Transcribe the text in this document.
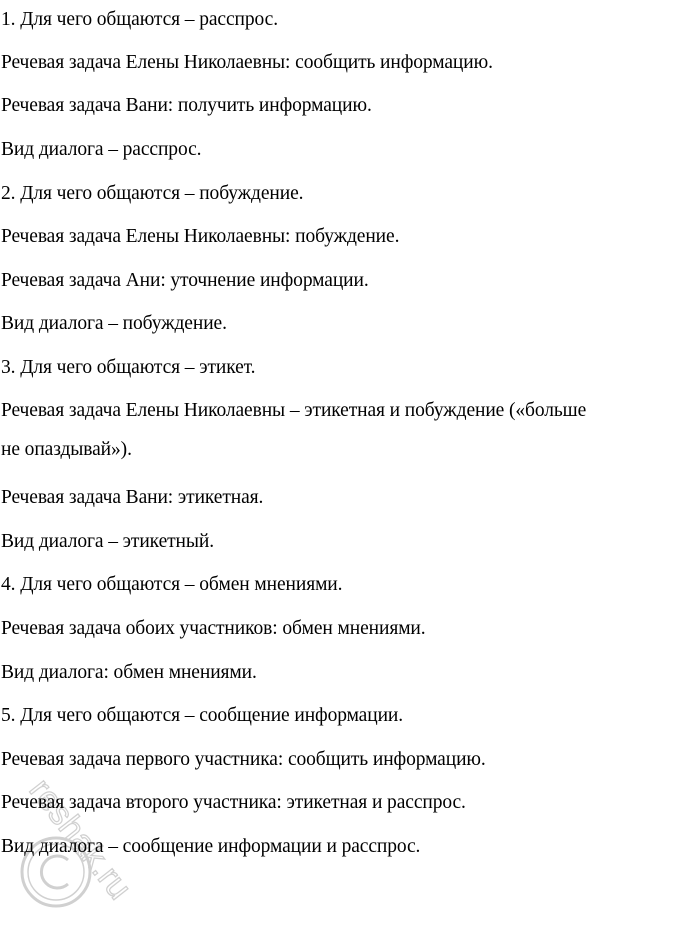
1. Для чего общаются – расспрос.
Речевая задача Елены Николаевны: сообщить информацию.
Речевая задача Вани: получить информацию.
Вид диалога – расспрос.
2. Для чего общаются – побуждение.
Речевая задача Елены Николаевны: побуждение.
Речевая задача Ани: уточнение информации.
Вид диалога – побуждение.
3. Для чего общаются – этикет.
Речевая задача Елены Николаевны – этикетная и побуждение («больше
не опаздывай»).
Речевая задача Вани: этикетная.
Вид диалога – этикетный.
4. Для чего общаются – обмен мнениями.
Речевая задача обоих участников: обмен мнениями.
Вид диалога: обмен мнениями.
5. Для чего общаются – сообщение информации.
Речевая задача первого участника: сообщить информацию.
Речевая задача второго участника: этикетная и расспрос.
Вид диалога – сообщение информации и расспрос.
reshak.ru
